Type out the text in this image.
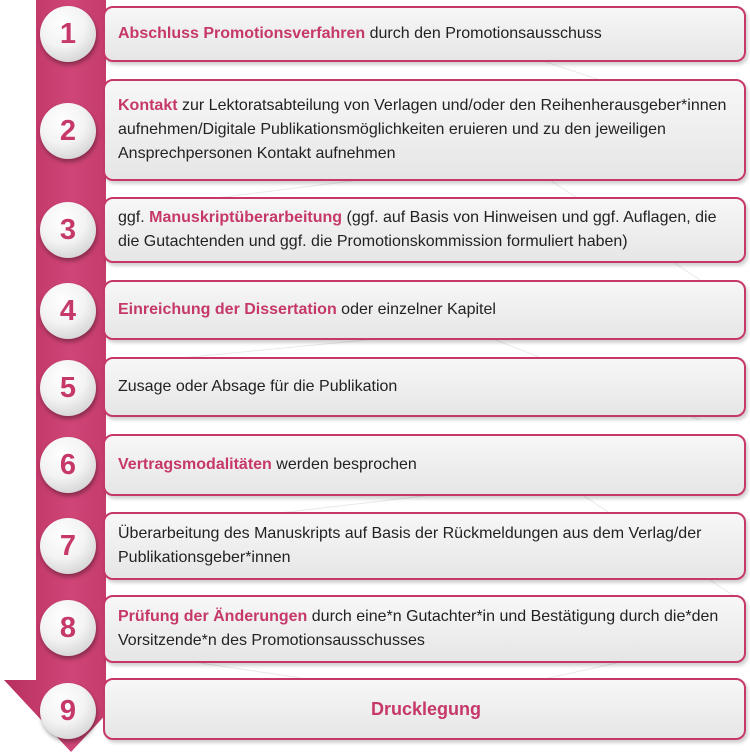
Abschluss Promotionsverfahren durch den Promotionsausschuss
1
Kontakt zur Lektoratsabteilung von Verlagen und/oder den Reihenherausgeber*innen aufnehmen/Digitale Publikationsmöglichkeiten eruieren und zu den jeweiligen Ansprechpersonen Kontakt aufnehmen
2
ggf. Manuskriptüberarbeitung (ggf. auf Basis von Hinweisen und ggf. Auflagen, die die Gutachtenden und ggf. die Promotionskommission formuliert haben)
3
Einreichung der Dissertation oder einzelner Kapitel
4
Zusage oder Absage für die Publikation
5
Vertragsmodalitäten werden besprochen
6
Überarbeitung des Manuskripts auf Basis der Rückmeldungen aus dem Verlag/der Publikationsgeber*innen
7
Prüfung der Änderungen durch eine*n Gutachter*in und Bestätigung durch die*den Vorsitzende*n des Promotionsausschusses
8
Drucklegung
9
